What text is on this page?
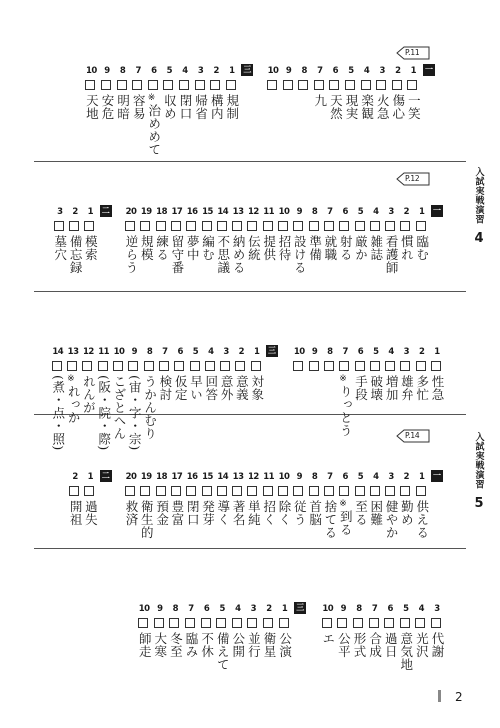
P.11
一
1
一笑
2
傷心
3
火急
4
楽観
5
現実
6
天然
7
九
8
9
10
三
1
規制
2
構内
3
帰省
4
閉口
5
収め
6
※
治めめて
7
容易
8
明暗
9
安危
10
天地
入試実戦演習
4
P.12
一
1
臨む
2
慣れ
3
看護師
4
雑誌
5
厳か
6
射る
7
就職
8
準備
9
設ける
10
招待
11
提供
12
伝統
13
納める
14
不思議
15
編む
16
夢中
17
留守番
18
練る
19
規模
20
逆らう
二
1
模索
2
備忘録
3
墓穴
1
性急
2
多忙
3
雄弁
4
増加
5
破壊
6
手段
7
※
りっとう
8
9
10
三
1
対象
2
意義
3
意外
4
回答
5
早い
6
仮定
7
検討
8
うかんむり
9
(宙・字・宗)
10
こざとへん
11
(阪・院・際)
12
れんが
13
※
れっか
14
(煮・点・照)
入試実戦演習
5
P.14
一
1
供える
2
勤め
3
健やか
4
困難
5
至る
6
※
到る
7
捨てる
8
首脳
9
従う
10
除く
11
招く
12
単純
13
著名
14
導く
15
発芽
16
閉口
17
豊富
18
預金
19
衛生的
20
救済
二
1
過失
2
開祖
3
代謝
4
光沢
5
意気地
6
過日
7
合成
8
形式
9
公平
10
エ
三
1
公演
2
衛星
3
並行
4
公開
5
備えて
6
不休
7
臨み
8
冬至
9
大寒
10
師走
2
